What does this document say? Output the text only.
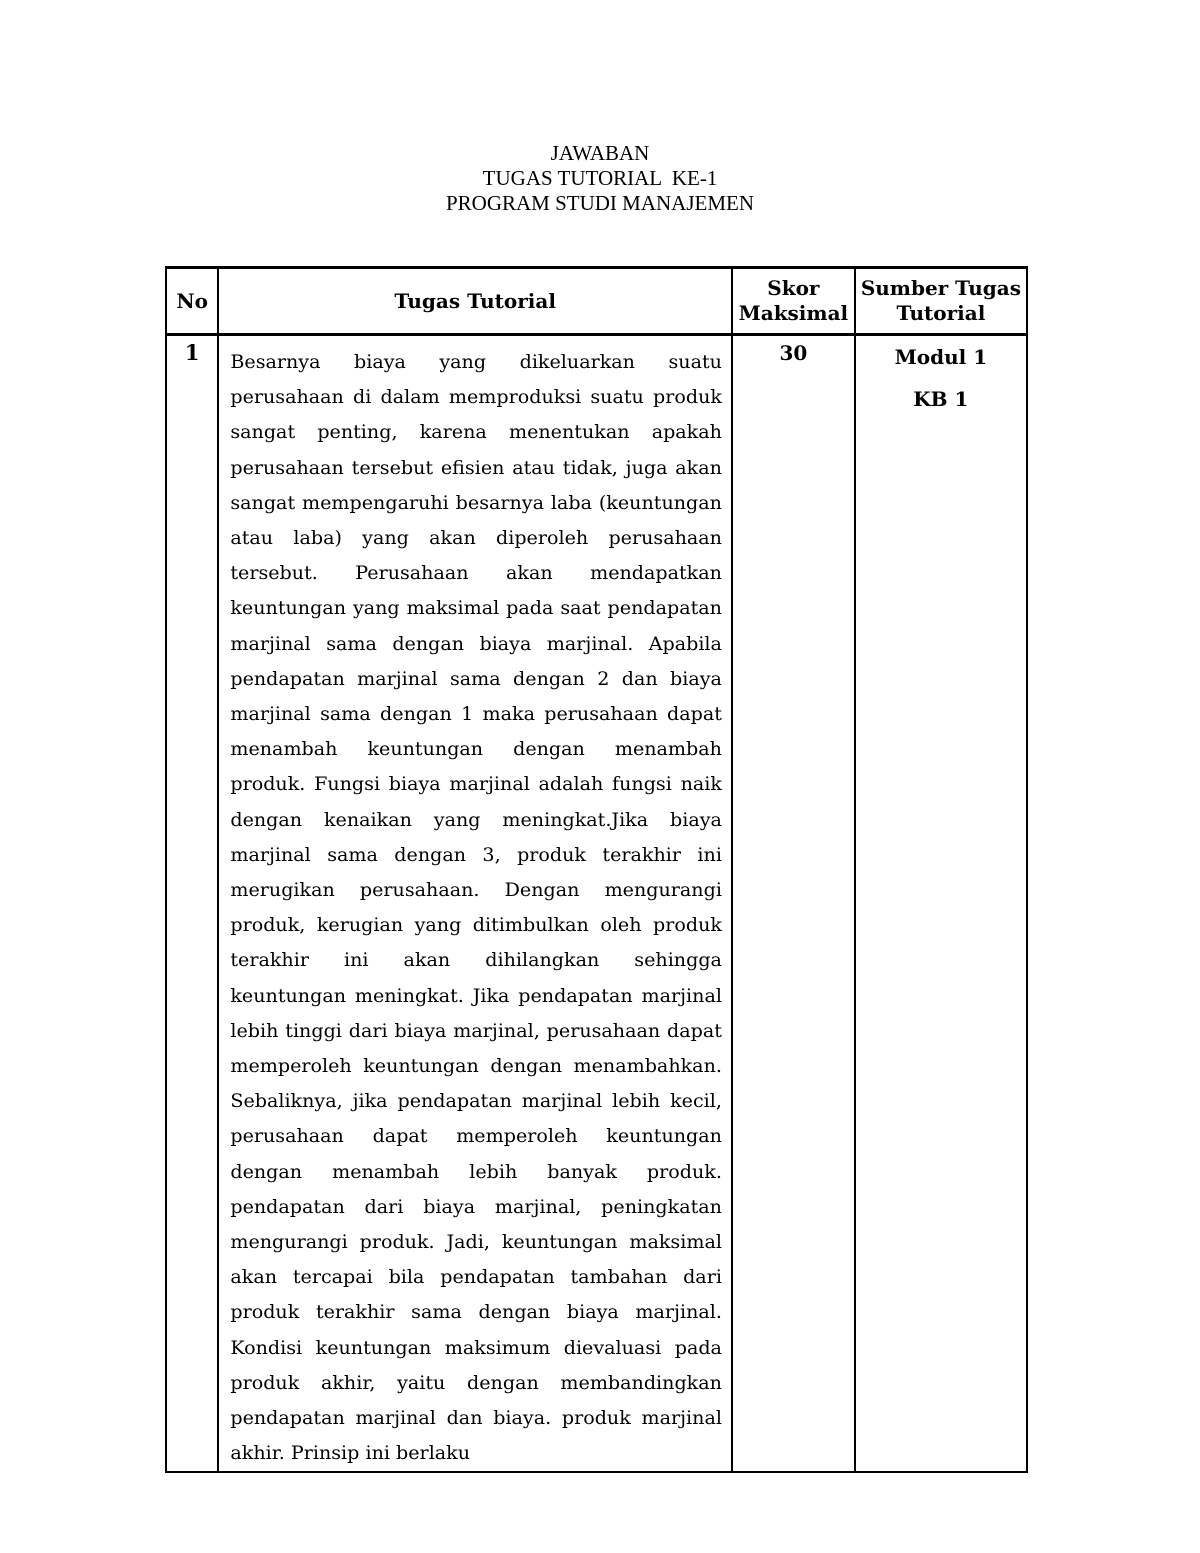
JAWABAN
TUGAS TUTORIAL  KE-1
PROGRAM STUDI MANAJEMEN
No	Tugas Tutorial	Skor Maksimal	Sumber Tugas Tutorial
1	Besarnya biaya yang dikeluarkan suatu perusahaan di dalam memproduksi suatu produk sangat penting, karena menentukan apakah perusahaan tersebut efisien atau tidak, juga akan sangat mempengaruhi besarnya laba (keuntungan atau laba) yang akan diperoleh perusahaan tersebut. Perusahaan akan mendapatkan keuntungan yang maksimal pada saat pendapatan marjinal sama dengan biaya marjinal. Apabila pendapatan marjinal sama dengan 2 dan biaya marjinal sama dengan 1 maka perusahaan dapat menambah keuntungan dengan menambah produk. Fungsi biaya marjinal adalah fungsi naik dengan kenaikan yang meningkat.Jika biaya marjinal sama dengan 3, produk terakhir ini merugikan perusahaan. Dengan mengurangi produk, kerugian yang ditimbulkan oleh produk terakhir ini akan dihilangkan sehingga keuntungan meningkat. Jika pendapatan marjinal lebih tinggi dari biaya marjinal, perusahaan dapat memperoleh keuntungan dengan menambahkan. Sebaliknya, jika pendapatan marjinal lebih kecil, perusahaan dapat memperoleh keuntungan dengan menambah lebih banyak produk. pendapatan dari biaya marjinal, peningkatan mengurangi produk. Jadi, keuntungan maksimal akan tercapai bila pendapatan tambahan dari produk terakhir sama dengan biaya marjinal. Kondisi keuntungan maksimum dievaluasi pada produk akhir, yaitu dengan membandingkan pendapatan marjinal dan biaya. produk marjinal akhir. Prinsip ini berlaku	30	Modul 1
KB 1
